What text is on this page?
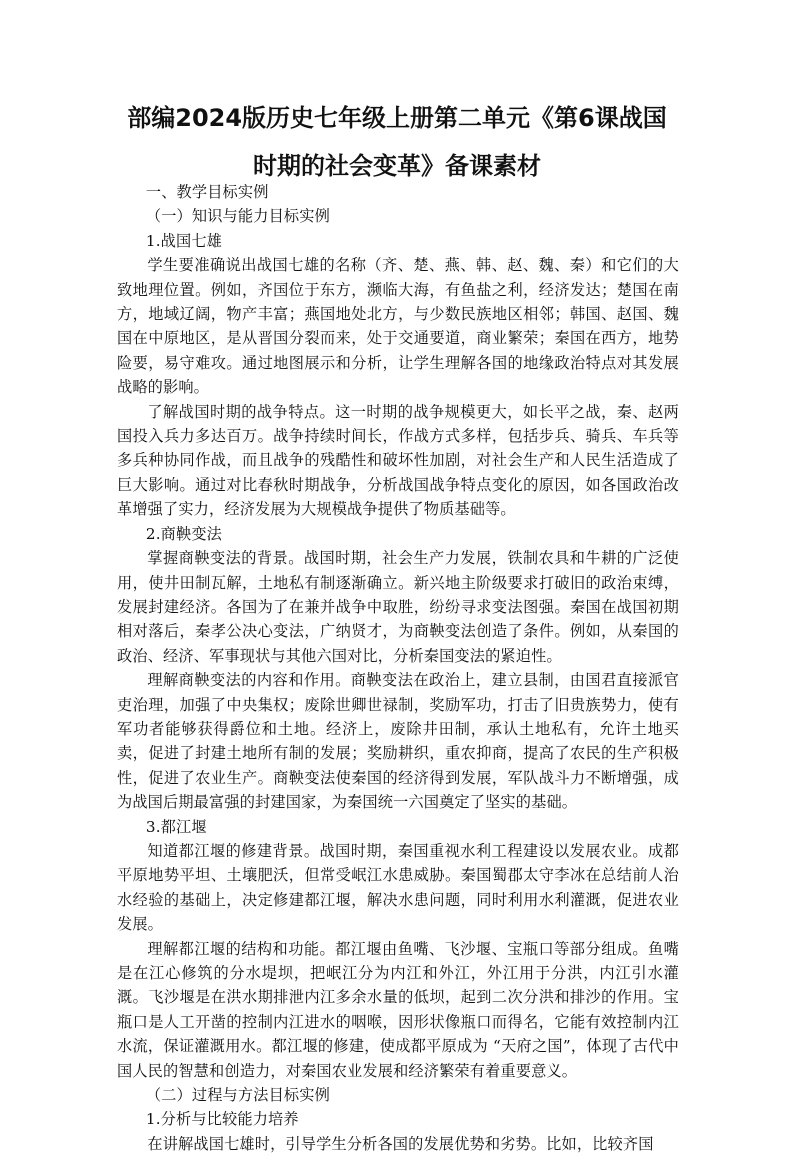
部编2024版历史七年级上册第二单元《第6课战国
时期的社会变革》备课素材

一、教学目标实例

（一）知识与能力目标实例

1.战国七雄

学生要准确说出战国七雄的名称（齐、楚、燕、韩、赵、魏、秦）和它们的大致地理位置。例如，齐国位于东方，濒临大海，有鱼盐之利，经济发达；楚国在南方，地域辽阔，物产丰富；燕国地处北方，与少数民族地区相邻；韩国、赵国、魏国在中原地区，是从晋国分裂而来，处于交通要道，商业繁荣；秦国在西方，地势险要，易守难攻。通过地图展示和分析，让学生理解各国的地缘政治特点对其发展战略的影响。

了解战国时期的战争特点。这一时期的战争规模更大，如长平之战，秦、赵两国投入兵力多达百万。战争持续时间长，作战方式多样，包括步兵、骑兵、车兵等多兵种协同作战，而且战争的残酷性和破坏性加剧，对社会生产和人民生活造成了巨大影响。通过对比春秋时期战争，分析战国战争特点变化的原因，如各国政治改革增强了实力，经济发展为大规模战争提供了物质基础等。

2.商鞅变法

掌握商鞅变法的背景。战国时期，社会生产力发展，铁制农具和牛耕的广泛使用，使井田制瓦解，土地私有制逐渐确立。新兴地主阶级要求打破旧的政治束缚，发展封建经济。各国为了在兼并战争中取胜，纷纷寻求变法图强。秦国在战国初期相对落后，秦孝公决心变法，广纳贤才，为商鞅变法创造了条件。例如，从秦国的政治、经济、军事现状与其他六国对比，分析秦国变法的紧迫性。

理解商鞅变法的内容和作用。商鞅变法在政治上，建立县制，由国君直接派官吏治理，加强了中央集权；废除世卿世禄制，奖励军功，打击了旧贵族势力，使有军功者能够获得爵位和土地。经济上，废除井田制，承认土地私有，允许土地买卖，促进了封建土地所有制的发展；奖励耕织，重农抑商，提高了农民的生产积极性，促进了农业生产。商鞅变法使秦国的经济得到发展，军队战斗力不断增强，成为战国后期最富强的封建国家，为秦国统一六国奠定了坚实的基础。

3.都江堰

知道都江堰的修建背景。战国时期，秦国重视水利工程建设以发展农业。成都平原地势平坦、土壤肥沃，但常受岷江水患威胁。秦国蜀郡太守李冰在总结前人治水经验的基础上，决定修建都江堰，解决水患问题，同时利用水利灌溉，促进农业发展。

理解都江堰的结构和功能。都江堰由鱼嘴、飞沙堰、宝瓶口等部分组成。鱼嘴是在江心修筑的分水堤坝，把岷江分为内江和外江，外江用于分洪，内江引水灌溉。飞沙堰是在洪水期排泄内江多余水量的低坝，起到二次分洪和排沙的作用。宝瓶口是人工开凿的控制内江进水的咽喉，因形状像瓶口而得名，它能有效控制内江水流，保证灌溉用水。都江堰的修建，使成都平原成为 “天府之国”，体现了古代中国人民的智慧和创造力，对秦国农业发展和经济繁荣有着重要意义。

（二）过程与方法目标实例

1.分析与比较能力培养

在讲解战国七雄时，引导学生分析各国的发展优势和劣势。比如，比较齐国
